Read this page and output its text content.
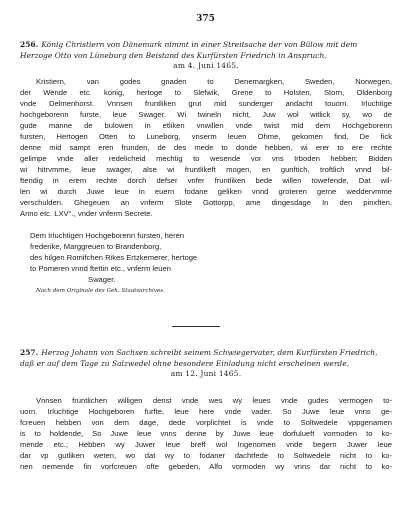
375
256. König Christiern von Dänemark nimmt in einer Streitsache der von Bülow mit dem
Herzoge Otto von Lüneburg den Beistand des Kurfürsten Friedrich in Anspruch,
am 4. Juni 1465.
Kristiern, van godes gnaden to Denemargken, Sweden, Norwegen,
der Wende etc. konig, hertoge to Slefwik, Grene to Holsten, Storn, Oldenborg
vnde Delmenhorst. Vnnsen fruntliken grut mid sunderger andacht touorn. Irluchtige
hochgeborenn furste, leue Swager. Wi twineln nicht, Juw wol witlick sy, wo de
gude manne de bulowen in etliken vnwillen vnde twist mid dem Hochgeborenn
fursten, Hertogen Otten to Luneborg, vnserm leuen Ohme, gekomen find, De fick
denne mid sampt eren frunden, de des mede to donde hebben, wi erer to ere rechte
gelimpe vnde aller redelicheid mechtig to wesende vor vns Irboden hebben; Bidden
wi hitrvmme, leue swager, alse wi fruntlikeft mogen, en gunftich, troftlich vnnd bil-
ftendig in erem rechte dorch defser vnfer fruntliken bede willen towefende, Dat wil-
len wi durch Juwe leue in euern fodane geliken vnnd groteren gerne weddervmme
verschulden. Ghegeuen an vnferm Slote Gottorpp, ame dingesdage In den pinxften,
Anno etc. LXV°., vnder vnferm Secrete.
Dem Irluchtigen Hochgeborenn fursten, heren
frederike, Marggreuen to Brandenborg,
des hilgen Romifchen Rikes Ertzkemerer, hertoge
to Pomeren vnnd ftettin etc., vnferm leuen
Swager.
Nach dem Originale des Geh. Staatsarchives.
257. Herzog Johann von Sachsen schreibt seinem Schwiegervater, dem Kurfürsten Friedrich,
daß er auf dem Tage zu Salzwedel ohne besondere Einladung nicht erscheinen werde,
am 12. Juni 1465.
Vnnsen fruntlichen willigen denst vnde wes wy leues vnde gudes vermogen to-
uorn. Irluchtige Hochgeboren furfte, leue here vnde vader. So Juwe leue vnns ge-
fcreuen hebben von dem dage, dede vorplichtet is vnde to Soltwedele vppgenamen
is to holdende, So Juwe leue vnns denne by Juwe leue dorfulueft vormoden to ko-
mende etc.; Hebben wy Juwer leue breff wol Ingenomen vnde begern Juwer leue
dar vp gutliken weten, wo dat wy to fodaner dachtfede to Soltwedele nicht to ko-
nen nemende fin vorfcreuen ofte gebeden, Alfo vormoden wy vnns dar nicht to ko-
